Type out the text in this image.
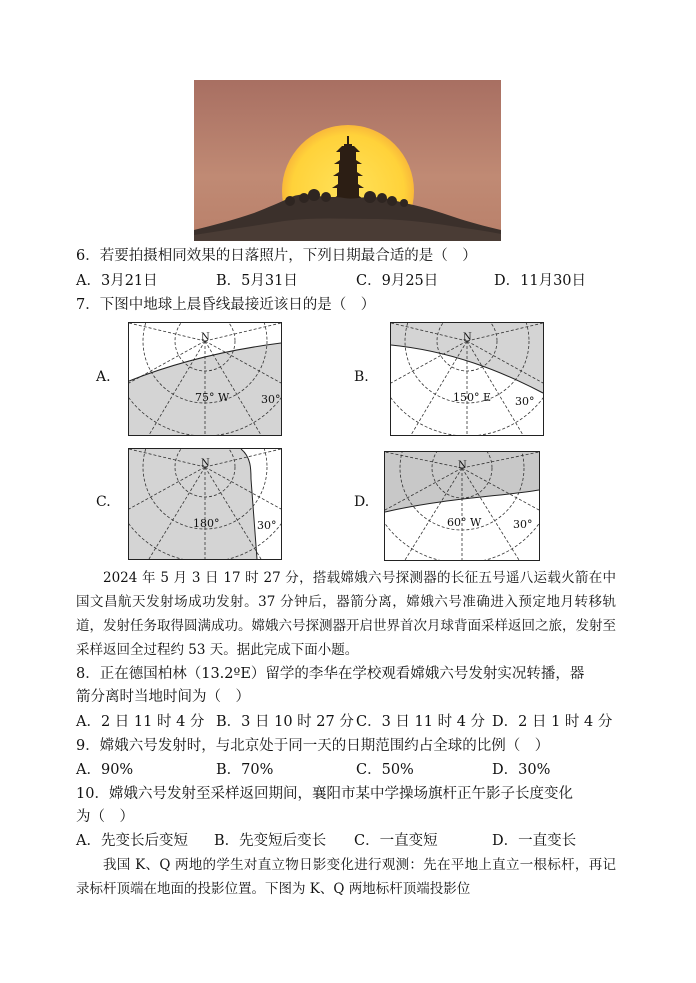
6．若要拍摄相同效果的日落照片，下列日期最合适的是（　）
A．3月21日	B．5月31日	C．9月25日	D．11月30日
7．下图中地球上晨昏线最接近该日的是（　）
A.
N
75° W	30°
B.
N
150° E 30°
C.
N
180°	30°
D.
N
60° W	30°
2024 年 5 月 3 日 17 时 27 分，搭载嫦娥六号探测器的长征五号遥八运载火箭在中国文昌航天发射场成功发射。37 分钟后，器箭分离，嫦娥六号准确进入预定地月转移轨道，发射任务取得圆满成功。嫦娥六号探测器开启世界首次月球背面采样返回之旅，发射至采样返回全过程约 53 天。据此完成下面小题。
8．正在德国柏林（13.2ºE）留学的李华在学校观看嫦娥六号发射实况转播，器
箭分离时当地时间为（　）
A．2 日 11 时 4 分 B．3 日 10 时 27 分 C．3 日 11 时 4 分 D．2 日 1 时 4 分
9．嫦娥六号发射时，与北京处于同一天的日期范围约占全球的比例（　）
A．90%	B．70%	C．50%	D．30%
10．嫦娥六号发射至采样返回期间，襄阳市某中学操场旗杆正午影子长度变化
为（　）
A．先变长后变短 B．先变短后变长 C．一直变短	D．一直变长
我国 K、Q 两地的学生对直立物日影变化进行观测：先在平地上直立一根标杆，再记录标杆顶端在地面的投影位置。下图为 K、Q 两地标杆顶端投影位
